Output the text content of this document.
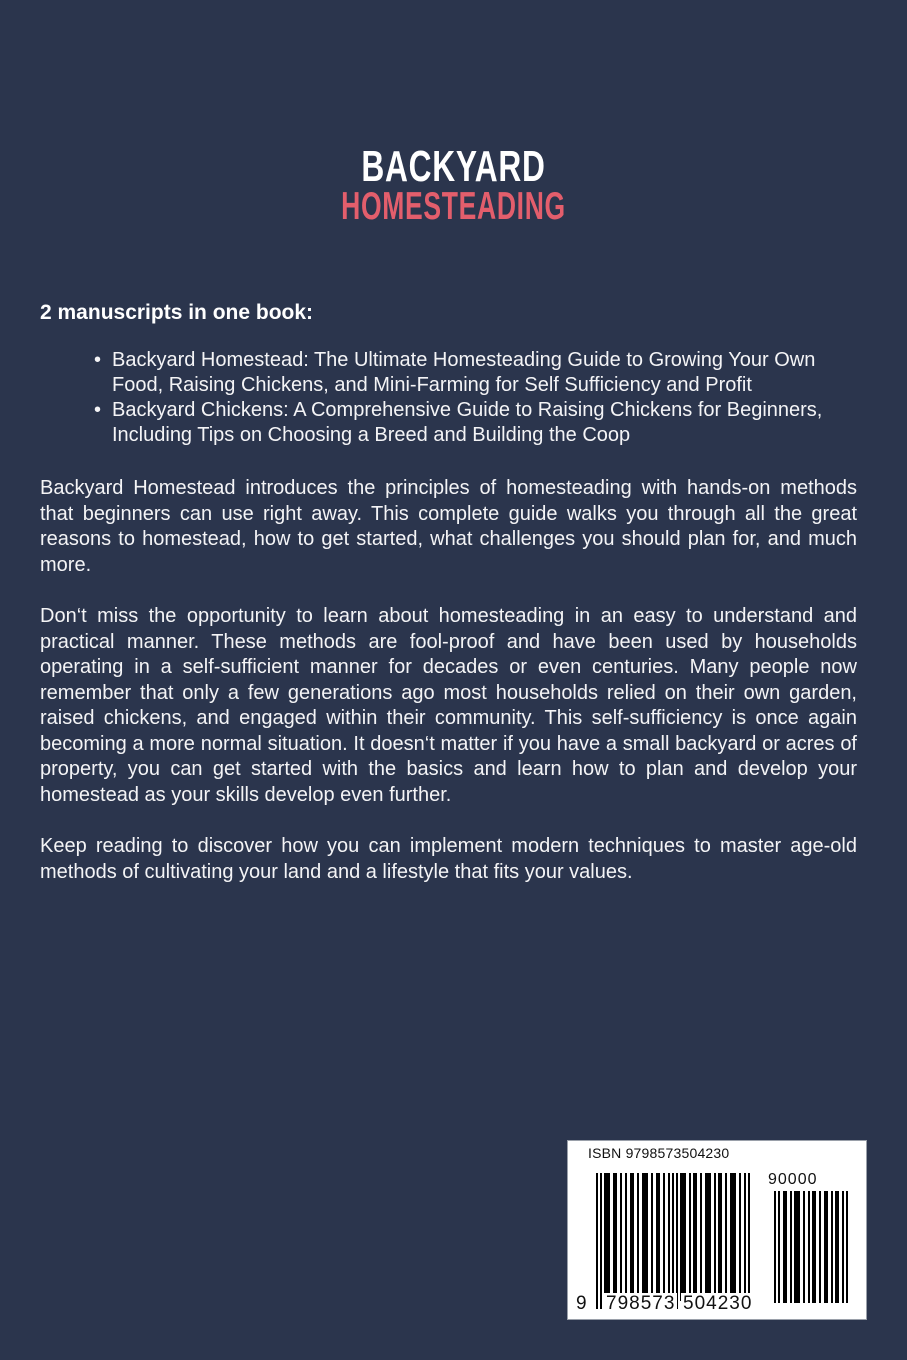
BACKYARD
HOMESTEADING
2 manuscripts in one book:
• Backyard Homestead: The Ultimate Homesteading Guide to Growing Your Own Food, Raising Chickens, and Mini-Farming for Self Sufficiency and Profit
• Backyard Chickens: A Comprehensive Guide to Raising Chickens for Beginners, Including Tips on Choosing a Breed and Building the Coop

Backyard Homestead introduces the principles of homesteading with hands-on methods that beginners can use right away. This complete guide walks you through all the great reasons to homestead, how to get started, what challenges you should plan for, and much more.

Don‘t miss the opportunity to learn about homesteading in an easy to understand and practical manner. These methods are fool-proof and have been used by households operating in a self-sufficient manner for decades or even centuries. Many people now remember that only a few generations ago most households relied on their own garden, raised chickens, and engaged within their community. This self-sufficiency is once again becoming a more normal situation. It doesn‘t matter if you have a small backyard or acres of property, you can get started with the basics and learn how to plan and develop your homestead as your skills develop even further.

Keep reading to discover how you can implement modern techniques to master age-old methods of cultivating your land and a lifestyle that fits your values.

ISBN 9798573504230
90000
9 798573 504230
